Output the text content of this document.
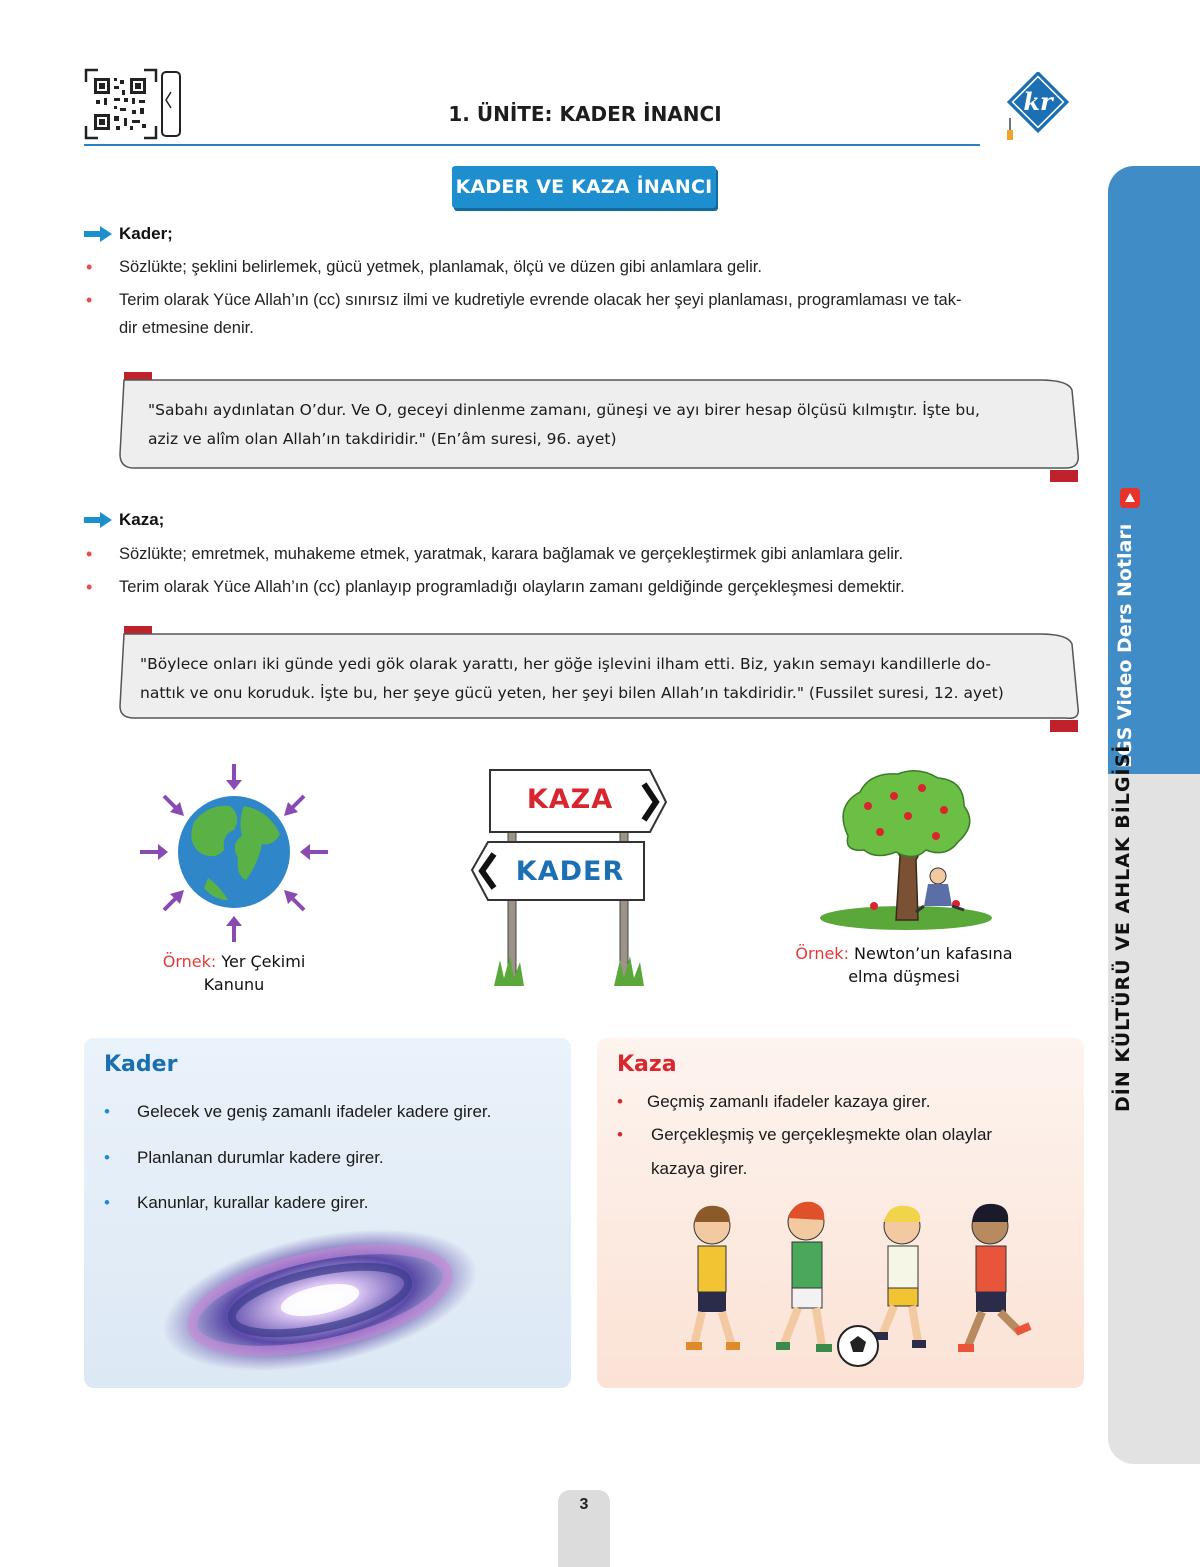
1. ÜNİTE: KADER İNANCI	kr
KADER VE KAZA İNANCI
Kader;
• Sözlükte; şeklini belirlemek, gücü yetmek, planlamak, ölçü ve düzen gibi anlamlara gelir.
• Terim olarak Yüce Allah’ın (cc) sınırsız ilmi ve kudretiyle evrende olacak her şeyi planlaması, programlaması ve tak-
dir etmesine denir.
"Sabahı aydınlatan O’dur. Ve O, geceyi dinlenme zamanı, güneşi ve ayı birer hesap ölçüsü kılmıştır. İşte bu,
aziz ve alîm olan Allah’ın takdiridir." (En’âm suresi, 96. ayet)
Kaza;
• Sözlükte; emretmek, muhakeme etmek, yaratmak, karara bağlamak ve gerçekleştirmek gibi anlamlara gelir.
• Terim olarak Yüce Allah’ın (cc) planlayıp programladığı olayların zamanı geldiğinde gerçekleşmesi demektir.
"Böylece onları iki günde yedi gök olarak yarattı, her göğe işlevini ilham etti. Biz, yakın semayı kandillerle do-
nattık ve onu koruduk. İşte bu, her şeye gücü yeten, her şeyi bilen Allah’ın takdiridir." (Fussilet suresi, 12. ayet)
Örnek: Yer Çekimi
Kanunu
KAZA
KADER
Örnek: Newton’un kafasına
elma düşmesi
Kader
• Gelecek ve geniş zamanlı ifadeler kadere girer.
• Planlanan durumlar kadere girer.
• Kanunlar, kurallar kadere girer.
Kaza
• Geçmiş zamanlı ifadeler kazaya girer.
• Gerçekleşmiş ve gerçekleşmekte olan olaylar
kazaya girer.
LGS Video Ders Notları
DİN KÜLTÜRÜ VE AHLAK BİLGİSİ
3
